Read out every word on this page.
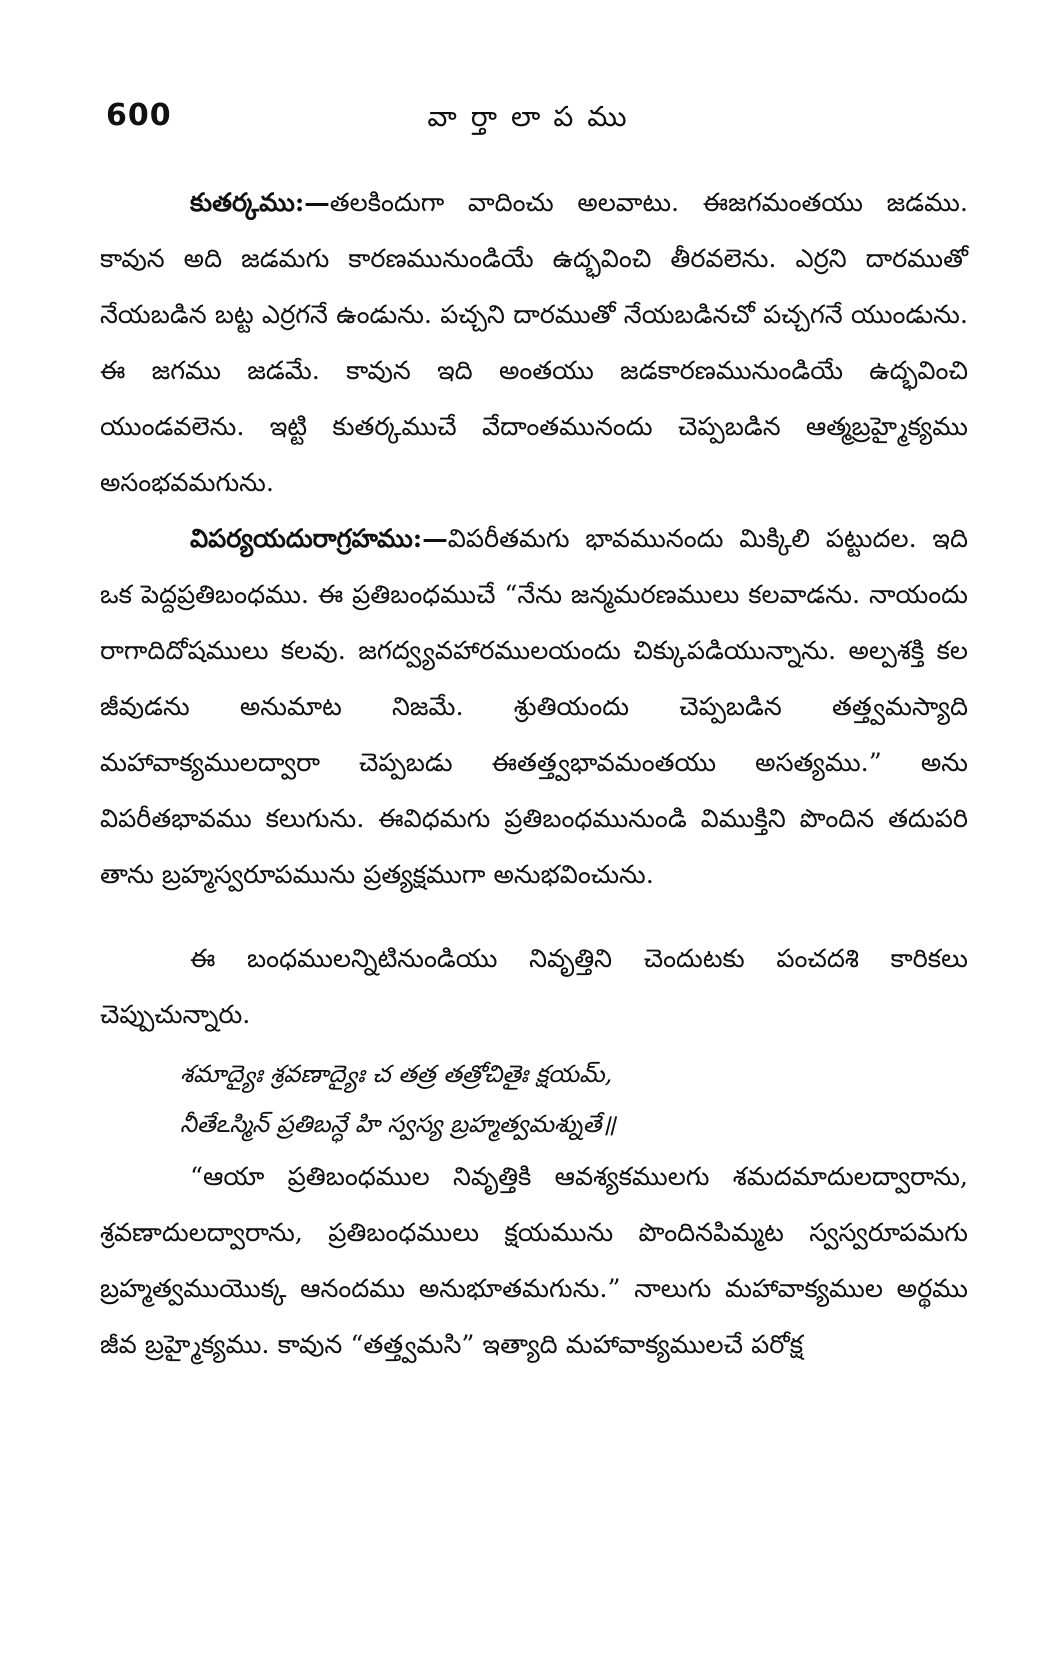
600	వార్తాలాపము

కుతర్కము:—తలకిందుగా వాదించు అలవాటు. ఈజగమంతయు జడము. కావున అది జడమగు కారణమునుండియే ఉద్భవించి తీరవలెను. ఎర్రని దారముతో నేయబడిన బట్ట ఎర్రగనే ఉండును. పచ్చని దారముతో నేయబడినచో పచ్చగనే యుండును. ఈ జగము జడమే. కావున ఇది అంతయు జడకారణమునుండియే ఉద్భవించి యుండవలెను. ఇట్టి కుతర్కముచే వేదాంతమునందు చెప్పబడిన ఆత్మబ్రహ్మైక్యము అసంభవమగును.

విపర్యయదురాగ్రహము:—విపరీతమగు భావమునందు మిక్కిలి పట్టుదల. ఇది ఒక పెద్దప్రతిబంధము. ఈ ప్రతిబంధముచే “నేను జన్మమరణములు కలవాడను. నాయందు రాగాదిదోషములు కలవు. జగద్వ్యవహారములయందు చిక్కుపడియున్నాను. అల్పశక్తి కల జీవుడను అనుమాట నిజమే. శ్రుతియందు చెప్పబడిన తత్త్వమస్యాది మహావాక్యములద్వారా చెప్పబడు ఈతత్త్వభావమంతయు అసత్యము.” అను విపరీతభావము కలుగును. ఈవిధమగు ప్రతిబంధమునుండి విముక్తిని పొందిన తదుపరి తాను బ్రహ్మస్వరూపమును ప్రత్యక్షముగా అనుభవించును.

ఈ బంధములన్నిటినుండియు నివృత్తిని చెందుటకు పంచదశి కారికలు చెప్పుచున్నారు.

శమాద్యైః శ్రవణాద్యైః చ తత్ర తత్రోచితైః క్షయమ్,
నీతేఽస్మిన్ ప్రతిబన్ధే హి స్వస్య బ్రహ్మత్వమశ్నుతే॥

“ఆయా ప్రతిబంధముల నివృత్తికి ఆవశ్యకములగు శమదమాదులద్వారాను, శ్రవణాదులద్వారాను, ప్రతిబంధములు క్షయమును పొందినపిమ్మట స్వస్వరూపమగు బ్రహ్మత్వముయొక్క ఆనందము అనుభూతమగును.” నాలుగు మహావాక్యముల అర్థము జీవ బ్రహ్మైక్యము. కావున “తత్త్వమసి” ఇత్యాది మహావాక్యములచే పరోక్ష
